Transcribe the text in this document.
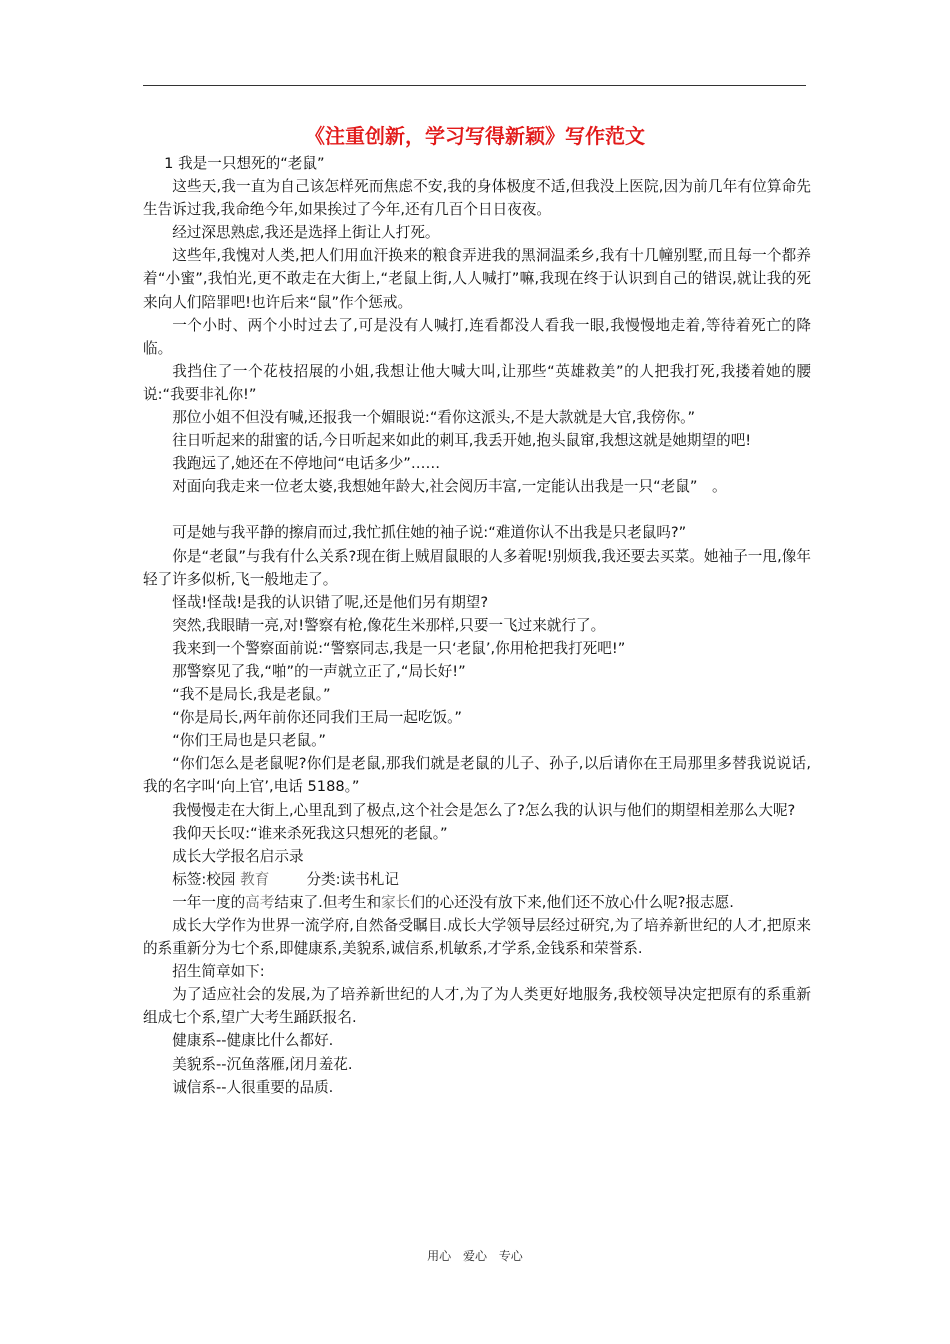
《注重创新，学习写得新颖》写作范文

1 我是一只想死的“老鼠”

这些天,我一直为自己该怎样死而焦虑不安,我的身体极度不适,但我没上医院,因为前几年有位算命先生告诉过我,我命绝今年,如果挨过了今年,还有几百个日日夜夜。

经过深思熟虑,我还是选择上街让人打死。

这些年,我愧对人类,把人们用血汗换来的粮食弄进我的黑洞温柔乡,我有十几幢别墅,而且每一个都养着“小蜜”,我怕光,更不敢走在大街上,“老鼠上街,人人喊打”嘛,我现在终于认识到自己的错误,就让我的死来向人们陪罪吧!也许后来“鼠”作个惩戒。

一个小时、两个小时过去了,可是没有人喊打,连看都没人看我一眼,我慢慢地走着,等待着死亡的降临。

我挡住了一个花枝招展的小姐,我想让他大喊大叫,让那些“英雄救美”的人把我打死,我搂着她的腰说:“我要非礼你!”

那位小姐不但没有喊,还报我一个媚眼说:“看你这派头,不是大款就是大官,我傍你。”

往日听起来的甜蜜的话,今日听起来如此的刺耳,我丢开她,抱头鼠窜,我想这就是她期望的吧!

我跑远了,她还在不停地问“电话多少”……

对面向我走来一位老太婆,我想她年龄大,社会阅历丰富,一定能认出我是一只“老鼠”　。

可是她与我平静的擦肩而过,我忙抓住她的袖子说:“难道你认不出我是只老鼠吗?”

你是“老鼠”与我有什么关系?现在街上贼眉鼠眼的人多着呢!别烦我,我还要去买菜。她袖子一甩,像年轻了许多似析,飞一般地走了。

怪哉!怪哉!是我的认识错了呢,还是他们另有期望?

突然,我眼睛一亮,对!警察有枪,像花生米那样,只要一飞过来就行了。

我来到一个警察面前说:“警察同志,我是一只‘老鼠’,你用枪把我打死吧!”

那警察见了我,“啪”的一声就立正了,“局长好!”

“我不是局长,我是老鼠。”

“你是局长,两年前你还同我们王局一起吃饭。”

“你们王局也是只老鼠。”

“你们怎么是老鼠呢?你们是老鼠,那我们就是老鼠的儿子、孙子,以后请你在王局那里多替我说说话,我的名字叫‘向上官’,电话 5188。”

我慢慢走在大街上,心里乱到了极点,这个社会是怎么了?怎么我的认识与他们的期望相差那么大呢?

我仰天长叹:“谁来杀死我这只想死的老鼠。”

成长大学报名启示录

标签:校园 教育	分类:读书札记

一年一度的高考结束了.但考生和家长们的心还没有放下来,他们还不放心什么呢?报志愿.

成长大学作为世界一流学府,自然备受瞩目.成长大学领导层经过研究,为了培养新世纪的人才,把原来的系重新分为七个系,即健康系,美貌系,诚信系,机敏系,才学系,金钱系和荣誉系.

招生简章如下:

为了适应社会的发展,为了培养新世纪的人才,为了为人类更好地服务,我校领导决定把原有的系重新组成七个系,望广大考生踊跃报名.

健康系--健康比什么都好.

美貌系--沉鱼落雁,闭月羞花.

诚信系--人很重要的品质.

用心 爱心 专心
